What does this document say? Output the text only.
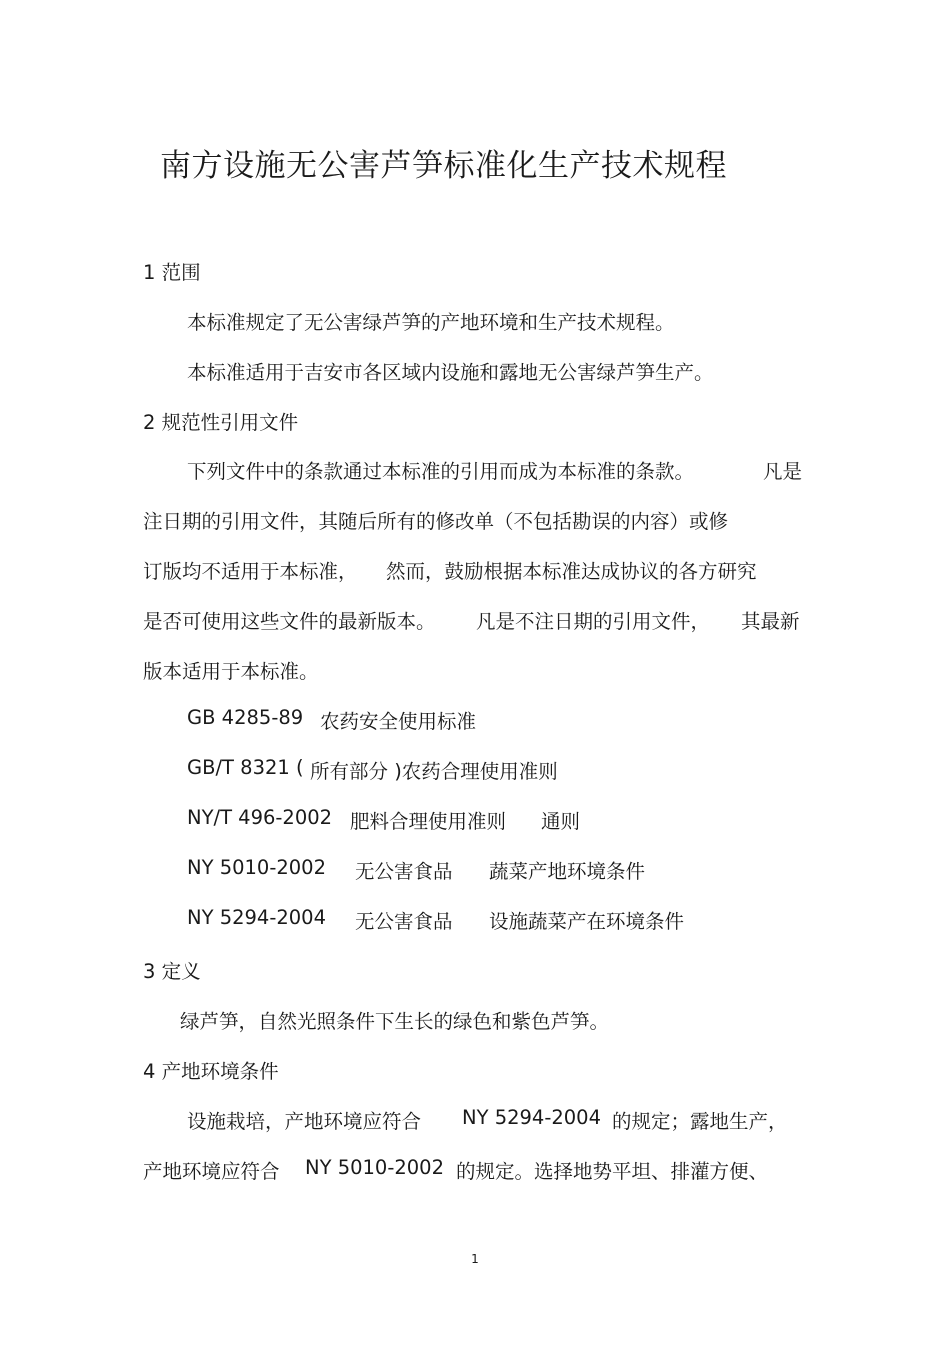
南方设施无公害芦笋标准化生产技术规程
1 范围
本标准规定了无公害绿芦笋的产地环境和生产技术规程。
本标准适用于吉安市各区域内设施和露地无公害绿芦笋生产。
2 规范性引用文件
下列文件中的条款通过本标准的引用而成为本标准的条款。	凡是
注日期的引用文件，其随后所有的修改单（不包括勘误的内容）或修
订版均不适用于本标准， 然而，鼓励根据本标准达成协议的各方研究
是否可使用这些文件的最新版本。 凡是不注日期的引用文件， 其最新
版本适用于本标准。
GB 4285-89 农药安全使用标准
GB/T 8321 ( 所有部分 )农药合理使用准则
NY/T 496-2002 肥料合理使用准则 通则
NY 5010-2002 无公害食品 蔬菜产地环境条件
NY 5294-2004 无公害食品 设施蔬菜产在环境条件
3 定义
绿芦笋，自然光照条件下生长的绿色和紫色芦笋。
4 产地环境条件
设施栽培，产地环境应符合 NY 5294-2004 的规定；露地生产，
产地环境应符合 NY 5010-2002 的规定。选择地势平坦、排灌方便、
1
